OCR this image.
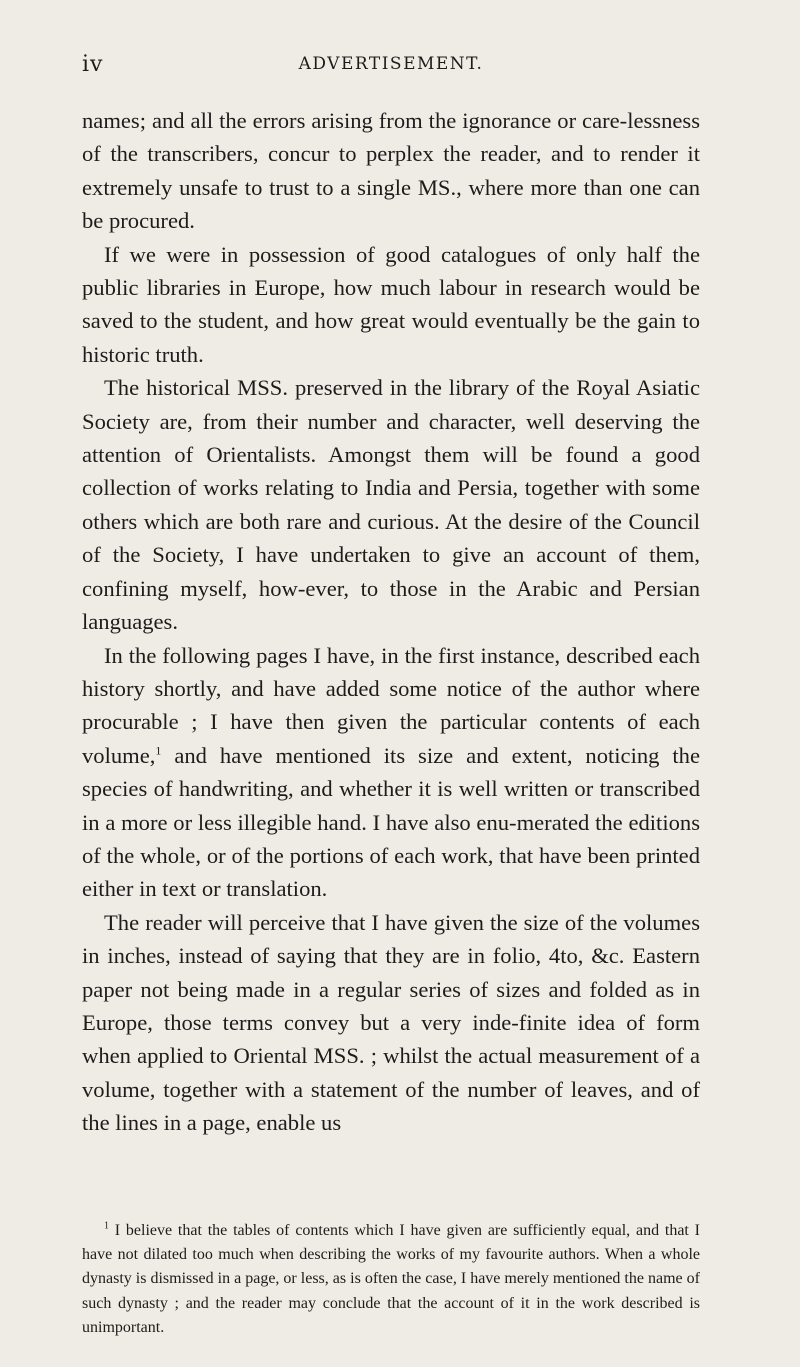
iv	ADVERTISEMENT.

names; and all the errors arising from the ignorance or care-lessness of the transcribers, concur to perplex the reader, and to render it extremely unsafe to trust to a single MS., where more than one can be procured.

If we were in possession of good catalogues of only half the public libraries in Europe, how much labour in research would be saved to the student, and how great would eventually be the gain to historic truth.

The historical MSS. preserved in the library of the Royal Asiatic Society are, from their number and character, well deserving the attention of Orientalists. Amongst them will be found a good collection of works relating to India and Persia, together with some others which are both rare and curious. At the desire of the Council of the Society, I have undertaken to give an account of them, confining myself, how-ever, to those in the Arabic and Persian languages.

In the following pages I have, in the first instance, described each history shortly, and have added some notice of the author where procurable ; I have then given the particular contents of each volume,$^1$ and have mentioned its size and extent, noticing the species of handwriting, and whether it is well written or transcribed in a more or less illegible hand. I have also enu-merated the editions of the whole, or of the portions of each work, that have been printed either in text or translation.

The reader will perceive that I have given the size of the volumes in inches, instead of saying that they are in folio, 4to, &c. Eastern paper not being made in a regular series of sizes and folded as in Europe, those terms convey but a very inde-finite idea of form when applied to Oriental MSS. ; whilst the actual measurement of a volume, together with a statement of the number of leaves, and of the lines in a page, enable us

$^1$ I believe that the tables of contents which I have given are sufficiently equal, and that I have not dilated too much when describing the works of my favourite authors. When a whole dynasty is dismissed in a page, or less, as is often the case, I have merely mentioned the name of such dynasty ; and the reader may conclude that the account of it in the work described is unimportant.
